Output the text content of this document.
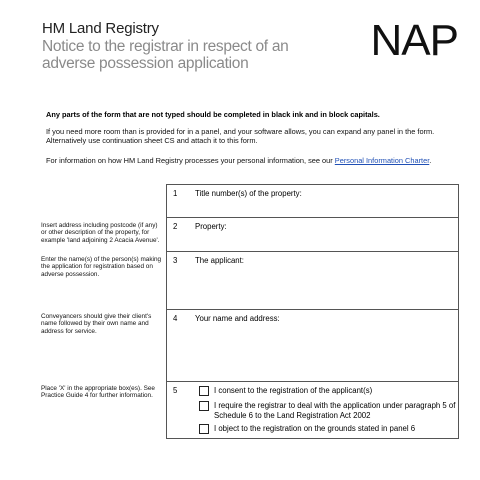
HM Land Registry
Notice to the registrar in respect of an adverse possession application	NAP
Any parts of the form that are not typed should be completed in black ink and in block capitals.
If you need more room than is provided for in a panel, and your software allows, you can expand any panel in the form. Alternatively use continuation sheet CS and attach it to this form.
For information on how HM Land Registry processes your personal information, see our Personal Information Charter.
Insert address including postcode (if any) or other description of the property, for example 'land adjoining 2 Acacia Avenue'.
Enter the name(s) of the person(s) making the application for registration based on adverse possession.
Conveyancers should give their client's name followed by their own name and address for service.
Place 'X' in the appropriate box(es). See Practice Guide 4 for further information.
1 Title number(s) of the property:
2 Property:
3 The applicant:
4 Your name and address:
5	I consent to the registration of the applicant(s)
I require the registrar to deal with the application under paragraph 5 of Schedule 6 to the Land Registration Act 2002
I object to the registration on the grounds stated in panel 6
